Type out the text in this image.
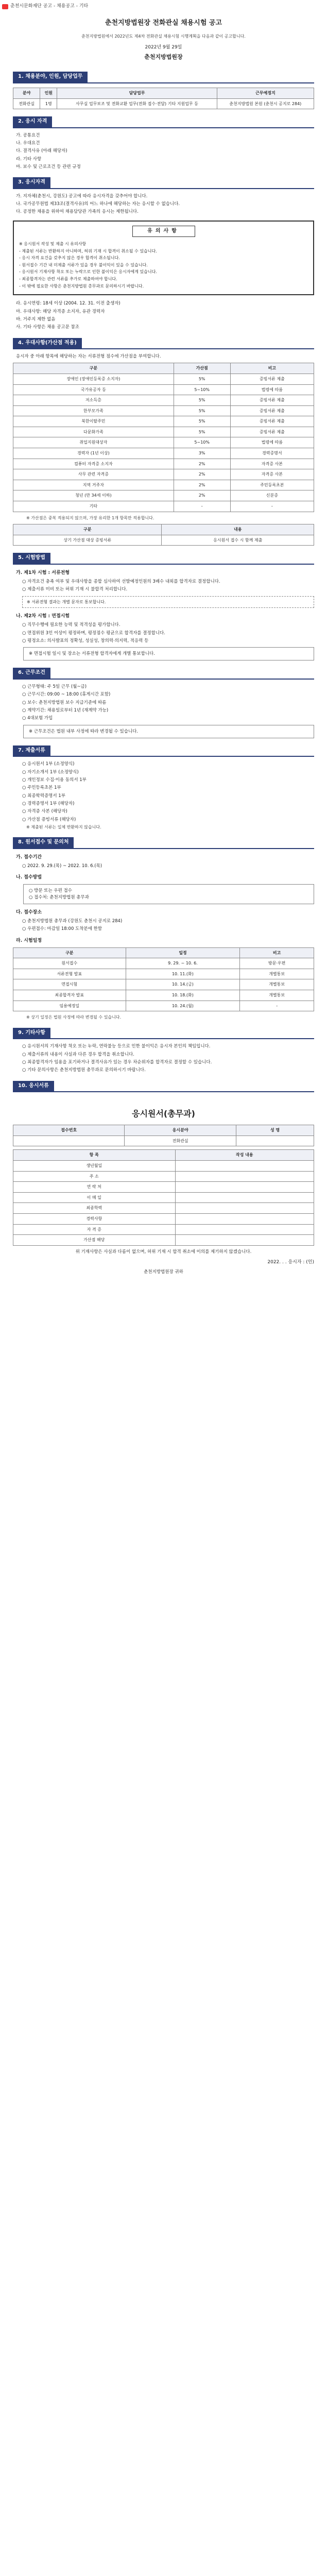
춘천시문화재단 공고 - 채용공고 - 기타
춘천지방법원장 전화관실 채용시험 공고
춘천지방법원에서 2022년도 제4차 전화관실 채용시험 시행계획을 다음과 같이 공고합니다.
2022년 9월 29일
춘천지방법원장
1. 채용분야, 인원, 담당업무
분야	인원	담당업무	근무예정지
전화관실	1명	사무실 업무보조 및 전화교환 업무(전화 접수·전달) 기타 지원업무 등	춘천지방법원 본원 (춘천시 공지로 284)
2. 응시 자격
가. 공통요건
나. 우대요건
다. 결격사유 (아래 해당자)
라. 기타 사항
마. 보수 및 근로조건 등 관련 규정
3. 응시자격
가. 지자체(춘천시, 강원도) 공고에 따라 응시자격을 갖추어야 합니다.
나. 국가공무원법 제33조(결격사유)의 어느 하나에 해당하는 자는 응시할 수 없습니다.
다. 공정한 채용을 위하여 채용담당관 가족의 응시는 제한됩니다.
유의사항
※ 응시원서 작성 및 제출 시 유의사항
- 제출된 서류는 반환하지 아니하며, 허위 기재 시 합격이 취소될 수 있습니다.
- 응시 자격 요건을 갖추지 않은 경우 합격이 취소됩니다.
- 원서접수 기간 내 미제출 서류가 있을 경우 불이익이 있을 수 있습니다.
- 응시원서 기재사항 착오 또는 누락으로 인한 불이익은 응시자에게 있습니다.
- 최종합격자는 관련 서류를 추가로 제출하여야 합니다.
- 이 밖에 필요한 사항은 춘천지방법원 총무과로 문의하시기 바랍니다.
라. 응시연령: 18세 이상 (2004. 12. 31. 이전 출생자)
마. 우대사항: 해당 자격증 소지자, 유관 경력자
바. 거주지 제한 없음
사. 기타 사항은 채용 공고문 참조
4. 우대사항(가산점 적용)
응시자 중 아래 항목에 해당하는 자는 서류전형 점수에 가산점을 부여합니다.
구분	가산점	비고
장애인 (장애인등록증 소지자)	5%	증빙서류 제출
국가유공자 등	5~10%	법령에 따름
저소득층	5%	증빙서류 제출
한부모가족	5%	증빙서류 제출
북한이탈주민	5%	증빙서류 제출
다문화가족	5%	증빙서류 제출
취업지원대상자	5~10%	법령에 따름
경력자 (1년 이상)	3%	경력증명서
컴퓨터 자격증 소지자	2%	자격증 사본
사무 관련 자격증	2%	자격증 사본
지역 거주자	2%	주민등록초본
청년 (만 34세 이하)	2%	신분증
기타	-	-
※ 가산점은 중복 적용되지 않으며, 가장 유리한 1개 항목만 적용합니다.
구분	내용
상기 가산점 대상 증빙서류	응시원서 접수 시 함께 제출
5. 시험방법
가. 제1차 시험 : 서류전형
○ 자격요건 충족 여부 및 우대사항을 종합 심사하여 선발예정인원의 3배수 내외를 합격자로 결정합니다.
○ 제출서류 미비 또는 허위 기재 시 불합격 처리합니다.
※ 서류전형 결과는 개별 문자로 통보합니다.
나. 제2차 시험 : 면접시험
○ 직무수행에 필요한 능력 및 적격성을 평가합니다.
○ 면접위원 3인 이상이 평정하며, 평정점수 평균으로 합격자를 결정합니다.
○ 평정요소: 의사발표의 정확성, 성실성, 창의력·의지력, 적응력 등
※ 면접시험 일시 및 장소는 서류전형 합격자에게 개별 통보합니다.
6. 근무조건
○ 근무형태: 주 5일 근무 (월~금)
○ 근무시간: 09:00 ~ 18:00 (휴게시간 포함)
○ 보수: 춘천지방법원 보수 지급기준에 따름
○ 계약기간: 채용일로부터 1년 (재계약 가능)
○ 4대보험 가입
※ 근무조건은 법원 내부 사정에 따라 변경될 수 있습니다.
7. 제출서류
○ 응시원서 1부 (소정양식)
○ 자기소개서 1부 (소정양식)
○ 개인정보 수집·이용 동의서 1부
○ 주민등록초본 1부
○ 최종학력증명서 1부
○ 경력증명서 1부 (해당자)
○ 자격증 사본 (해당자)
○ 가산점 증빙서류 (해당자)
※ 제출된 서류는 일체 반환하지 않습니다.
8. 원서접수 및 문의처
가. 접수기간
○ 2022. 9. 29.(목) ~ 2022. 10. 6.(목)
나. 접수방법
○ 방문 또는 우편 접수
○ 접수처: 춘천지방법원 총무과
다. 접수장소
○ 춘천지방법원 총무과 (강원도 춘천시 공지로 284)
○ 우편접수: 마감일 18:00 도착분에 한함
라. 시험일정
구분	일정	비고
원서접수	9. 29. ~ 10. 6.	방문·우편
서류전형 발표	10. 11.(화)	개별통보
면접시험	10. 14.(금)	개별통보
최종합격자 발표	10. 18.(화)	개별통보
임용예정일	10. 24.(월)	-
※ 상기 일정은 법원 사정에 따라 변경될 수 있습니다.
9. 기타사항
○ 응시원서의 기재사항 착오 또는 누락, 연락불능 등으로 인한 불이익은 응시자 본인의 책임입니다.
○ 제출서류의 내용이 사실과 다른 경우 합격을 취소합니다.
○ 최종합격자가 임용을 포기하거나 결격사유가 있는 경우 차순위자를 합격자로 결정할 수 있습니다.
○ 기타 문의사항은 춘천지방법원 총무과로 문의하시기 바랍니다.
10. 응시서류
응시원서(총무과)
접수번호	응시분야	성 명
	전화관실	
항 목	작성 내용
생년월일	
주 소	
연 락 처	
이 메 일	
최종학력	
경력사항	
자 격 증	
가산점 해당	
위 기재사항은 사실과 다름이 없으며, 허위 기재 시 합격 취소에 이의를 제기하지 않겠습니다.
2022. . . 응시자 : (인)
춘천지방법원장 귀하
